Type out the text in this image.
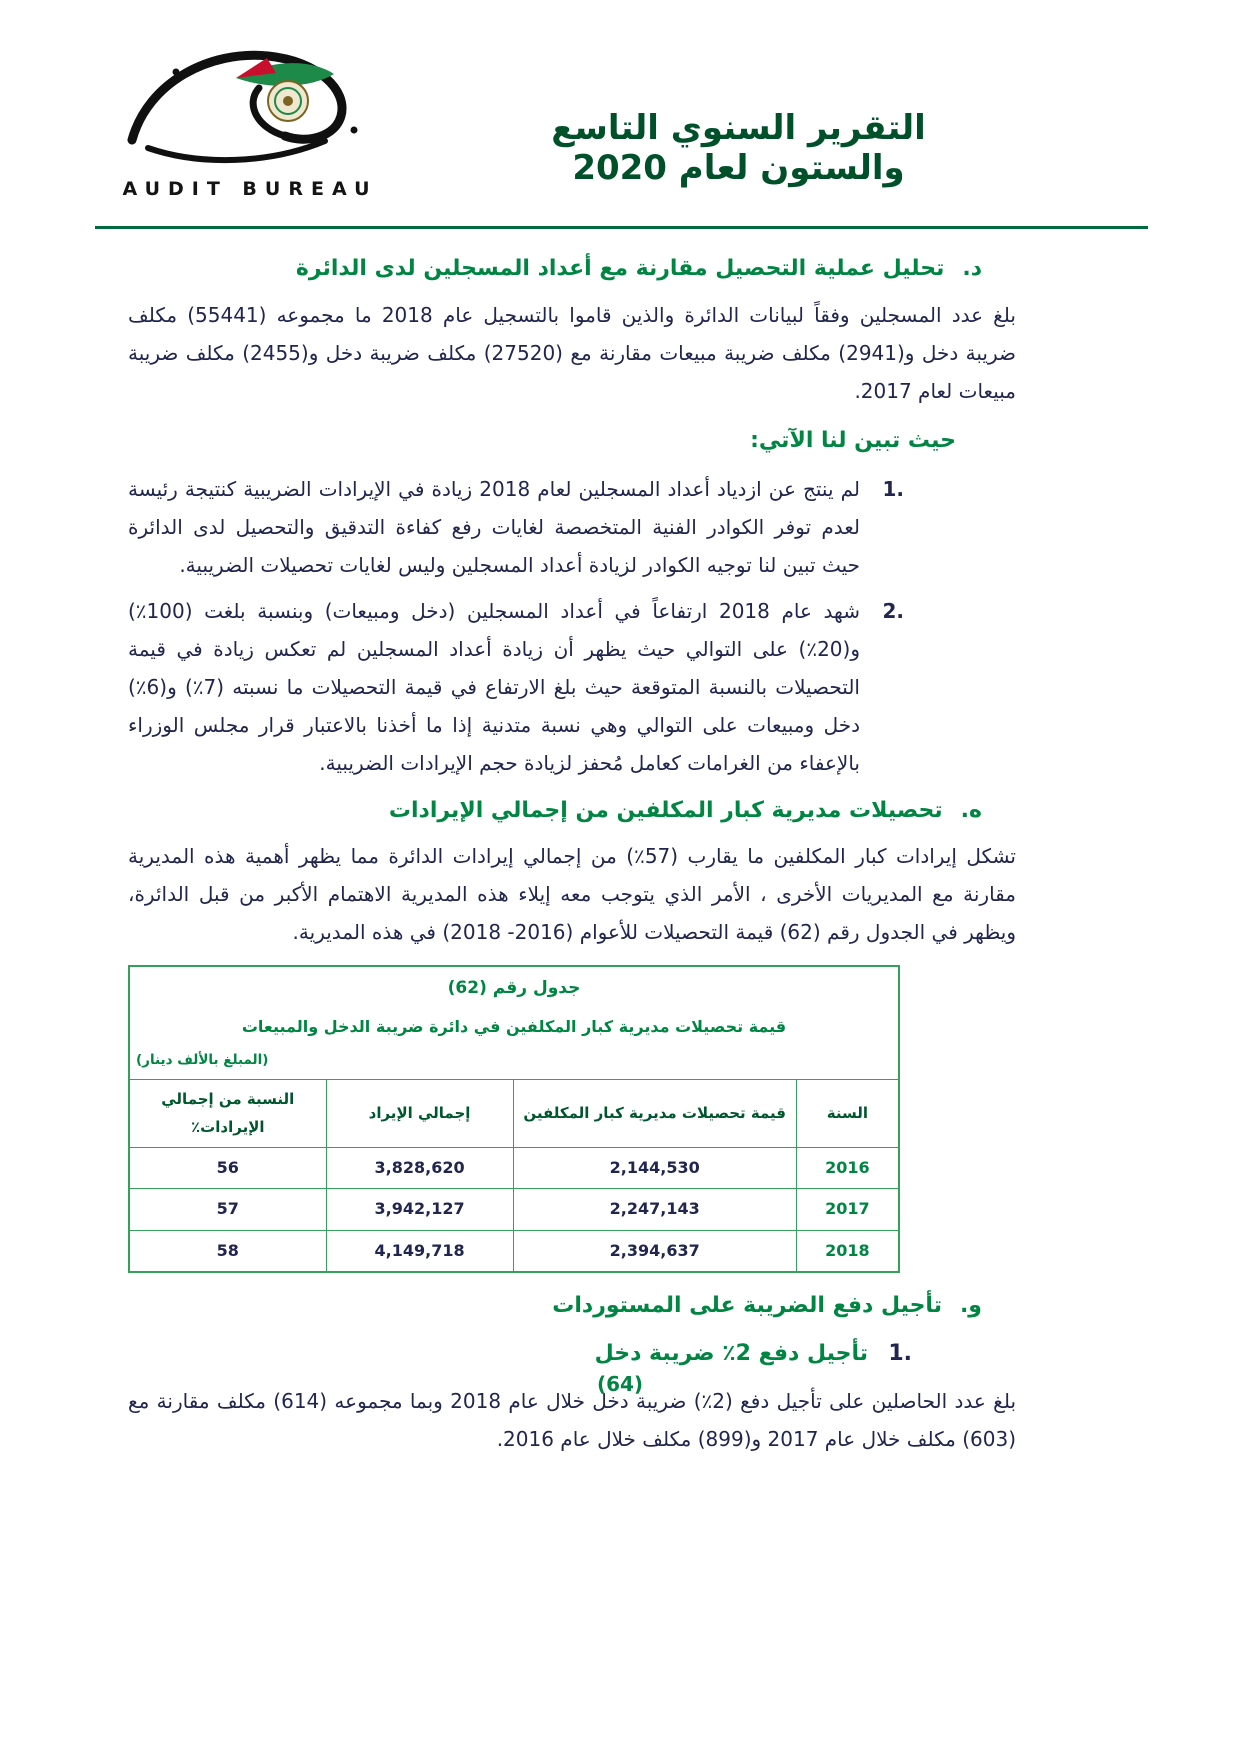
AUDIT BUREAU
التقرير السنوي التاسع والستون لعام 2020
د.
تحليل عملية التحصيل مقارنة مع أعداد المسجلين لدى الدائرة
بلغ عدد المسجلين وفقاً لبيانات الدائرة والذين قاموا بالتسجيل عام 2018 ما مجموعه (55441) مكلف ضريبة دخل و(2941) مكلف ضريبة مبيعات مقارنة مع (27520) مكلف ضريبة دخل و(2455) مكلف ضريبة مبيعات لعام 2017.
حيث تبين لنا الآتي:
1.
لم ينتج عن ازدياد أعداد المسجلين لعام 2018 زيادة في الإيرادات الضريبية كنتيجة رئيسة لعدم توفر الكوادر الفنية المتخصصة لغايات رفع كفاءة التدقيق والتحصيل لدى الدائرة حيث تبين لنا توجيه الكوادر لزيادة أعداد المسجلين وليس لغايات تحصيلات الضريبية.
2.
شهد عام 2018 ارتفاعاً في أعداد المسجلين (دخل ومبيعات) وبنسبة بلغت (100٪) و(20٪) على التوالي حيث يظهر أن زيادة أعداد المسجلين لم تعكس زيادة في قيمة التحصيلات بالنسبة المتوقعة حيث بلغ الارتفاع في قيمة التحصيلات ما نسبته (7٪) و(6٪) دخل ومبيعات على التوالي وهي نسبة متدنية إذا ما أخذنا بالاعتبار قرار مجلس الوزراء بالإعفاء من الغرامات كعامل مُحفز لزيادة حجم الإيرادات الضريبية.
ه.
تحصيلات مديرية كبار المكلفين من إجمالي الإيرادات
تشكل إيرادات كبار المكلفين ما يقارب (57٪) من إجمالي إيرادات الدائرة مما يظهر أهمية هذه المديرية مقارنة مع المديريات الأخرى ، الأمر الذي يتوجب معه إيلاء هذه المديرية الاهتمام الأكبر من قبل الدائرة، ويظهر في الجدول رقم (62) قيمة التحصيلات للأعوام (2016- 2018) في هذه المديرية.
جدول رقم (62)
قيمة تحصيلات مديرية كبار المكلفين في دائرة ضريبة الدخل والمبيعات
(المبلغ بالألف دينار)			

السنة	قيمة تحصيلات مديرية كبار المكلفين	إجمالي الإيراد	النسبة من إجمالي الإيرادات٪
2016	2,144,530	3,828,620	56
2017	2,247,143	3,942,127	57
2018	2,394,637	4,149,718	58
و.
تأجيل دفع الضريبة على المستوردات
1.
تأجيل دفع 2٪ ضريبة دخل
بلغ عدد الحاصلين على تأجيل دفع (2٪) ضريبة دخل خلال عام 2018 وبما مجموعه (614) مكلف مقارنة مع (603) مكلف خلال عام 2017 و(899) مكلف خلال عام 2016.
(64)
